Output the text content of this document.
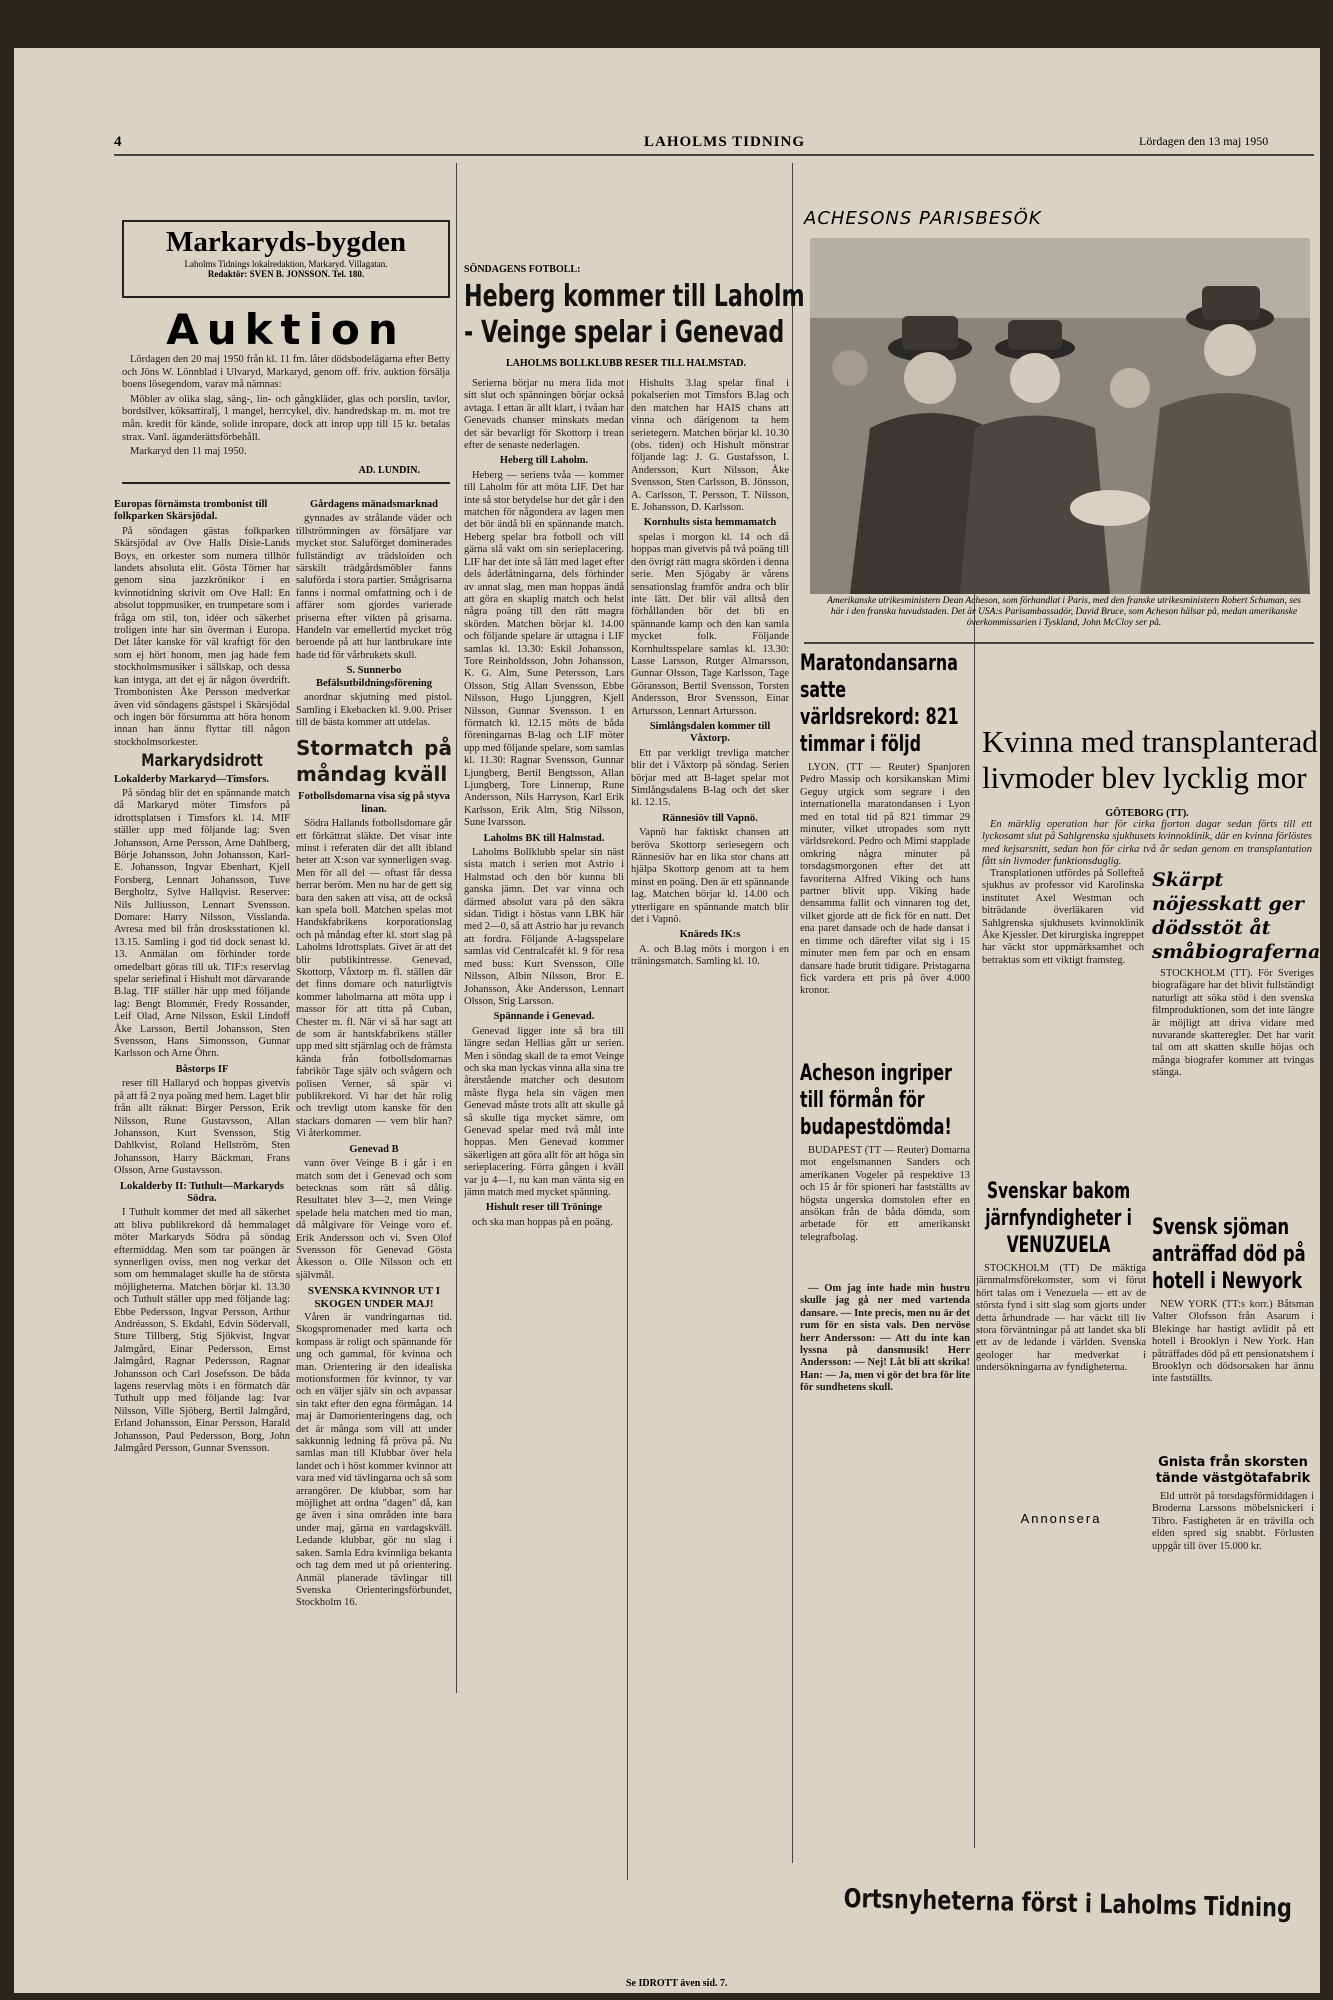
4	LAHOLMS TIDNING	Lördagen den 13 maj 1950
Markaryds-bygden
Laholms Tidnings lokalredaktion, Markaryd. Villagatan.
Redaktör: SVEN B. JONSSON. Tel. 180.
Auktion

Lördagen den 20 maj 1950 från kl. 11 fm. låter dödsbodelägarna efter Betty och Jöns W. Lönnblad i Ulvaryd, Markaryd, genom off. friv. auktion försälja boens lösegendom, varav må nämnas:

Möbler av olika slag, säng-, lin- och gångkläder, glas och porslin, tavlor, bordsilver, köksattiralj, 1 mangel, herrcykel, div. handredskap m. m. mot tre mån. kredit för kände, solide inropare, dock att inrop upp till 15 kr. betalas strax. Vanl. äganderättsförbehåll.

Markaryd den 11 maj 1950.

AD. LUNDIN.
Europas förnämsta trombonist till folkparken Skärsjödal.

På söndagen gästas folkparken Skärsjödal av Ove Halls Disie-Lands Boys, en orkester som numera tillhör landets absoluta elit. Gösta Törner har genom sina jazzkrönikor i en kvinnotidning skrivit om Ove Hall: En absolut toppmusiker, en trumpetare som i fråga om stil, ton, idéer och säkerhet troligen inte har sin överman i Europa. Det låter kanske för väl kraftigt för den som ej hört honom, men jag hade fem stockholmsmusiker i sällskap, och dessa kan intyga, att det ej är någon överdrift. Trombonisten Åke Persson medverkar även vid söndagens gästspel i Skärsjödal och ingen bör försumma att höra honom innan han ännu flyttar till någon stockholmsorkester.

Markarydsidrott
Lokalderby Markaryd—Timsfors.

På söndag blir det en spännande match då Markaryd möter Timsfors på idrottsplatsen i Timsfors kl. 14. MIF ställer upp med följande lag: Sven Johansson, Arne Persson, Arne Dahlberg, Börje Johansson, John Johansson, Karl-E. Johansson, Ingvar Ebenhart, Kjell Forsberg, Lennart Johansson, Tuve Bergholtz, Sylve Hallqvist. Reserver: Nils Julliusson, Lennart Svensson. Domare: Harry Nilsson, Visslanda. Avresa med bil från drosksstationen kl. 13.15. Samling i god tid dock senast kl. 13. Anmälan om förhinder torde omedelbart göras till uk. TIF:s reservlag spelar seriefinal i Hishult mot därvarande B.lag. TIF ställer här upp med följande lag: Bengt Blommér, Fredy Rossander, Leif Olad, Arne Nilsson, Eskil Lindoff Åke Larsson, Bertil Johansson, Sten Svensson, Hans Simonsson, Gunnar Karlsson och Arne Öhrn.

Båstorps IF

reser till Hallaryd och hoppas givetvis på att få 2 nya poäng med hem. Laget blir från allt räknat: Birger Persson, Erik Nilsson, Rune Gustavsson, Allan Johansson, Kurt Svensson, Stig Dahlkvist, Roland Hellström, Sten Johansson, Harry Bäckman, Frans Olsson, Arne Gustavsson.

Lokalderby II: Tuthult—Markaryds Södra.

I Tuthult kommer det med all säkerhet att bliva publikrekord då hemmalaget möter Markaryds Södra på söndag eftermiddag. Men som tar poängen är synnerligen oviss, men nog verkar det som om hemmalaget skulle ha de största möjligheterna. Matchen börjar kl. 13.30 och Tuthult ställer upp med följande lag: Ebbe Pedersson, Ingvar Persson, Arthur Andréasson, S. Ekdahl, Edvin Södervall, Sture Tillberg, Stig Sjökvist, Ingvar Jalmgård, Einar Pedersson, Ernst Jalmgård, Ragnar Pedersson, Ragnar Johansson och Carl Josefsson. De båda lagens reservlag möts i en förmatch där Tuthult upp med följande lag: Ivar Nilsson, Ville Sjöberg, Bertil Jalmgård, Erland Johansson, Einar Persson, Harald Johansson, Paul Pedersson, Borg, John Jalmgård Persson, Gunnar Svensson.

Gårdagens mänadsmarknad

gynnades av strålande väder och tillströmningen av försäljare var mycket stor. Saluförget dominerades fullständigt av trädsloiden och särskilt trädgårdsmöbler fanns saluförda i stora partier. Smågrisarna fanns i normal omfattning och i de affärer som gjordes varierade priserna efter vikten på grisarna. Handeln var emellertid mycket trög beroende på att hur lantbrukare inte hade tid för vårbrukets skull.

S. Sunnerbo Befälsutbildningsförening

anordnar skjutning med pistol. Samling i Ekebacken kl. 9.00. Priser till de bästa kommer att utdelas.

Stormatch på måndag kväll
Fotbollsdomarna visa sig på styva linan.

Södra Hallands fotbollsdomare går ett förkättrat släkte. Det visar inte minst i referaten där det allt ibland heter att X:son var synnerligen svag. Men för all del — oftast får dessa herrar beröm. Men nu har de gett sig bara den saken att visa, att de också kan spela boll. Matchen spelas mot Handskfabrikens korporationslag och på måndag efter kl. stort slag på Laholms Idrottsplats. Givet är att det blir publikintresse. Genevad, Skottorp, Våxtorp m. fl. ställen där det finns domare och naturligtvis kommer laholmarna att möta upp i massor för att titta på Cuban, Chester m. fl. När vi så har sagt att de som är hantskfabrikens ställer upp med sitt stjärnlag och de främsta kända från fotbollsdomarnas fabrikör Tage själv och svågern och polisen Verner, så spär vi publikrekord. Vi har det här rolig och trevligt utom kanske för den stackars domaren — vem blir han? Vi återkommer.

Genevad B

vann över Veinge B i går i en match som det i Genevad och som betecknas som rätt så dålig. Resultatet blev 3—2, men Veinge spelade hela matchen med tio man, då målgivare för Veinge voro ef. Erik Andersson och vi. Sven Olof Svensson för Genevad Gösta Åkesson o. Olle Nilsson och ett självmål.

SVENSKA KVINNOR UT I SKOGEN UNDER MAJ!

Våren är vandringarnas tid. Skogspromenader med karta och kompass är roligt och spännande för ung och gammal, för kvinna och man. Orientering är den idealiska motionsformen för kvinnor, ty var och en väljer själv sin och avpassar sin takt efter den egna förmågan. 14 maj är Damorienteringens dag, och det är många som vill att under sakkunnig ledning få pröva på. Nu samlas man till Klubbar över hela landet och i höst kommer kvinnor att vara med vid tävlingarna och så som arrangörer. De klubbar, som har möjlighet att ordna "dagen" då, kan ge även i sina områden inte bara under maj, gärna en vardagskväll. Ledande klubbar, gör nu slag i saken. Samla Edra kvinnliga bekanta och tag dem med ut på orientering. Anmäl planerade tävlingar till Svenska Orienteringsförbundet, Stockholm 16.

SÖNDAGENS FOTBOLL:
Heberg kommer till Laholm
- Veinge spelar i Genevad
LAHOLMS BOLLKLUBB RESER TILL HALMSTAD.

Serierna börjar nu mera lida mot sitt slut och spänningen börjar också avtaga. I ettan är allt klart, i tvåan har Genevads chanser minskats medan det sär bevarligt för Skottorp i trean efter de senaste nederlagen.

Heberg till Laholm.

Heberg — seriens tvåa — kommer till Laholm för att möta LIF. Det har inte så stor betydelse hur det går i den matchen för någondera av lagen men det bör ändå bli en spännande match. Heberg spelar bra fotboll och vill gärna slå vakt om sin serieplacering. LIF har det inte så lätt med laget efter dels åderlåtningarna, dels förhinder av annat slag, men man hoppas ändå att göra en skaplig match och helst några poäng till den rätt magra skörden. Matchen börjar kl. 14.00 och följande spelare är uttagna i LIF samlas kl. 13.30: Eskil Johansson, Tore Reinholdsson, John Johansson, K. G. Alm, Sune Petersson, Lars Olsson, Stig Allan Svensson, Ebbe Nilsson, Hugo Ljunggren, Kjell Nilsson, Gunnar Svensson. I en förmatch kl. 12.15 möts de båda föreningarnas B-lag och LIF möter upp med följande spelare, som samlas kl. 11.30: Ragnar Svensson, Gunnar Ljungberg, Bertil Bengtsson, Allan Ljungberg, Tore Linnerup, Rune Andersson, Nils Harryson, Karl Erik Karlsson, Erik Alm, Stig Nilsson, Sune Ivarsson.

Laholms BK till Halmstad.

Laholms Bollklubb spelar sin näst sista match i serien mot Astrio i Halmstad och den bör kunna bli ganska jämn. Det var vinna och därmed absolut vara på den säkra sidan. Tidigt i höstas vann LBK här med 2—0, så att Astrio har ju revanch att fordra. Följande A-lagsspelare samlas vid Centralcafét kl. 9 för resa med buss: Kurt Svensson, Olle Nilsson, Albin Nilsson, Bror E. Johansson, Åke Andersson, Lennart Olsson, Stig Larsson.

Spännande i Genevad.

Genevad ligger inte så bra till längre sedan Hellias gått ur serien. Men i söndag skall de ta emot Veinge och ska man lyckas vinna alla sina tre återstående matcher och desutom måste flyga hela sin vägen men Genevad måste trots allt att skulle gå så skulle tiga mycket sämre, om Genevad spelar med två mål inte hoppas. Men Genevad kommer säkerligen att göra allt för att höga sin serieplacering. Förra gången i kväll var ju 4—1, nu kan man vänta sig en jämn match med mycket spänning.

Hishult reser till Tröninge

och ska man hoppas på en poäng.

Hishults 3.lag spelar final i pokalserien mot Timsfors B.lag och den matchen har HAIS chans att vinna och därigenom ta hem serietegern. Matchen börjar kl. 10.30 (obs. tiden) och Hishult mönstrar följande lag: J. G. Gustafsson, I. Andersson, Kurt Nilsson, Åke Svensson, Sten Carlsson, B. Jönsson, A. Carlsson, T. Persson, T. Nilsson, E. Johansson, D. Karlsson.

Kornhults sista hemmamatch

spelas i morgon kl. 14 och då hoppas man givetvis på två poäng till den övrigt rätt magra skörden i denna serie. Men Sjögaby är vårens sensationslag framför andra och blir inte lätt. Det blir väl alltså den förhållanden bör det bli en spännande kamp och den kan samla mycket folk. Följande Kornhultsspelare samlas kl. 13.30: Lasse Larsson, Rutger Almarsson, Gunnar Olsson, Tage Karlsson, Tage Göransson, Bertil Svensson, Torsten Andersson, Bror Svensson, Einar Artursson, Lennart Artursson.

Simlångsdalen kommer till Våxtorp.

Ett par verkligt trevliga matcher blir det i Våxtorp på söndag. Serien börjar med att B-laget spelar mot Simlångsdalens B-lag och det sker kl. 12.15.

Rännesiöv till Vapnö.

Vapnö har faktiskt chansen att beröva Skottorp seriesegern och Rännesiöv har en lika stor chans att hjälpa Skottorp genom att ta hem minst en poäng. Den är ett spännande lag. Matchen börjar kl. 14.00 och ytterligare en spännande match blir det i Vapnö.

Knäreds IK:s

A. och B.lag möts i morgon i en träningsmatch. Samling kl. 10.

Se IDROTT även sid. 7.
ACHESONS PARISBESÖK
Amerikanske utrikesministern Dean Acheson, som förhandlat i Paris, med den franske utrikesministern Robert Schuman, ses här i den franska huvudstaden. Det är USA:s Parisambassadör, David Bruce, som Acheson hälsar på, medan amerikanske överkommissarien i Tyskland, John McCloy ser på.
Maratondansarna satte världsrekord: 821 timmar i följd

LYON. (TT — Reuter) Spanjoren Pedro Massip och korsikanskan Mimi Geguy utgick som segrare i den internationella maratondansen i Lyon med en total tid på 821 timmar 29 minuter, vilket utropades som nytt världsrekord. Pedro och Mimi stapplade omkring några minuter på torsdagsmorgonen efter det att favoriterna Alfred Viking och hans partner blivit upp. Viking hade densamma fallit och vinnaren tog det, vilket gjorde att de fick för en natt. Det ena paret dansade och de hade dansat i en timme och därefter vilat sig i 15 minuter men fem par och en ensam dansare hade brutit tidigare. Pristagarna fick vardera ett pris på över 4.000 kronor.

Acheson ingriper till förmån för budapestdömda!

BUDAPEST (TT — Reuter) Domarna mot engelsmannen Sanders och amerikanen Vogeler på respektive 13 och 15 år för spioneri har fastställts av högsta ungerska domstolen efter en ansökan från de båda dömda, som arbetade för ett amerikanskt telegrafbolag.

— Om jag inte hade min hustru skulle jag gå ner med vartenda dansare. — Inte precis, men nu är det rum för en sista vals. Den nervöse herr Andersson: — Att du inte kan lyssna på dansmusik! Herr Andersson: — Nej! Låt bli att skrika! Han: — Ja, men vi gör det bra för lite för sundhetens skull.

Kvinna med transplanterad livmoder blev lycklig mor
GÖTEBORG (TT).

En märklig operation har för cirka fjorton dagar sedan förts till ett lyckosamt slut på Sahlgrenska sjukhusets kvinnoklinik, där en kvinna förlöstes med kejsarsnitt, sedan hon för cirka två år sedan genom en transplantation fått sin livmoder funktionsduglig.

Transplationen utfördes på Sollefteå sjukhus av professor vid Karolinska institutet Axel Westman och biträdande överläkaren vid Sahlgrenska sjukhusets kvinnoklinik Åke Kjessler. Det kirurgiska ingreppet har väckt stor uppmärksamhet och betraktas som ett viktigt framsteg.

Skärpt nöjesskatt ger dödsstöt åt småbiograferna

STOCKHOLM (TT). För Sveriges biografägare har det blivit fullständigt naturligt att söka stöd i den svenska filmproduktionen, som det inte längre är möjligt att driva vidare med nuvarande skatteregler. Det har varit tal om att skatten skulle höjas och många biografer kommer att tvingas stänga.

Svensk sjöman anträffad död på hotell i Newyork

NEW YORK (TT:s korr.) Båtsman Valter Olofsson från Asarum i Blekinge har hastigt avlidit på ett hotell i Brooklyn i New York. Han påträffades död på ett pensionatshem i Brooklyn och dödsorsaken har ännu inte fastställts.

Gnista från skorsten tände västgötafabrik

Eld uttröt på torsdagsförmiddagen i Broderna Larssons möbelsnickeri i Tibro. Fastigheten är en trävilla och elden spred sig snabbt. Förlusten uppgår till över 15.000 kr.

Svenskar bakom järnfyndigheter i VENUZUELA

STOCKHOLM (TT) De mäktiga järnmalmsförekomster, som vi förut hört talas om i Venezuela — ett av de största fynd i sitt slag som gjorts under detta århundrade — har väckt till liv stora förväntningar på att landet ska bli ett av de ledande i världen. Svenska geologer har medverkat i undersökningarna av fyndigheterna.

Annonsera
Ortsnyheterna först i Laholms Tidning
